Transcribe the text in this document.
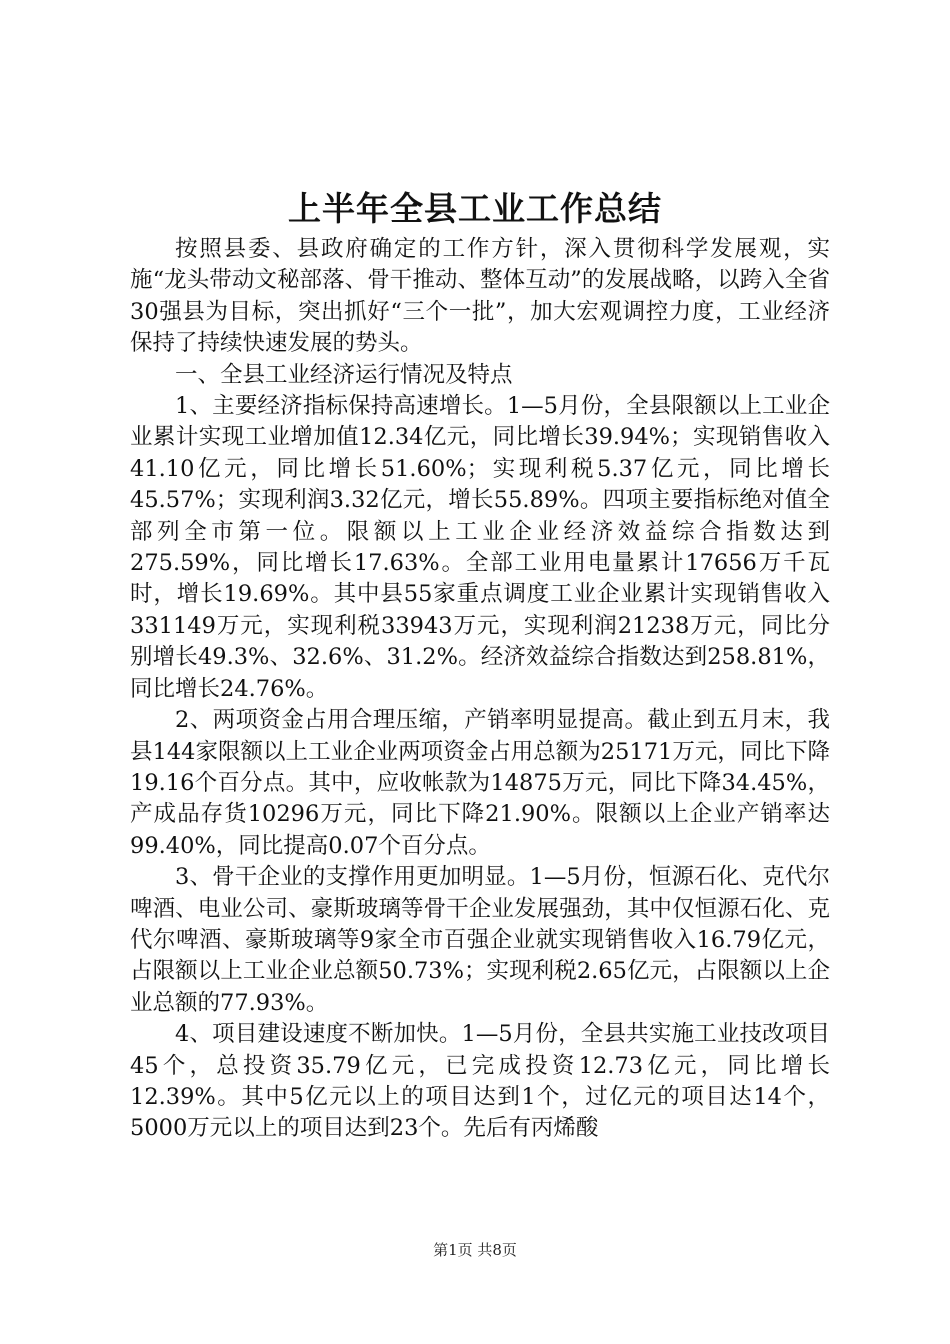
上半年全县工业工作总结

按照县委、县政府确定的工作方针，深入贯彻科学发展观，实施“龙头带动文秘部落、骨干推动、整体互动”的发展战略，以跨入全省30强县为目标，突出抓好“三个一批”，加大宏观调控力度，工业经济保持了持续快速发展的势头。

一、全县工业经济运行情况及特点

1、主要经济指标保持高速增长。1—5月份，全县限额以上工业企业累计实现工业增加值12.34亿元，同比增长39.94%；实现销售收入41.10亿元，同比增长51.60%；实现利税5.37亿元，同比增长45.57%；实现利润3.32亿元，增长55.89%。四项主要指标绝对值全部列全市第一位。限额以上工业企业经济效益综合指数达到275.59%，同比增长17.63%。全部工业用电量累计17656万千瓦时，增长19.69%。其中县55家重点调度工业企业累计实现销售收入331149万元，实现利税33943万元，实现利润21238万元，同比分别增长49.3%、32.6%、31.2%。经济效益综合指数达到258.81%，同比增长24.76%。

2、两项资金占用合理压缩，产销率明显提高。截止到五月末，我县144家限额以上工业企业两项资金占用总额为25171万元，同比下降19.16个百分点。其中，应收帐款为14875万元，同比下降34.45%，产成品存货10296万元，同比下降21.90%。限额以上企业产销率达99.40%，同比提高0.07个百分点。

3、骨干企业的支撑作用更加明显。1—5月份，恒源石化、克代尔啤酒、电业公司、豪斯玻璃等骨干企业发展强劲，其中仅恒源石化、克代尔啤酒、豪斯玻璃等9家全市百强企业就实现销售收入16.79亿元，占限额以上工业企业总额50.73%；实现利税2.65亿元，占限额以上企业总额的77.93%。

4、项目建设速度不断加快。1—5月份，全县共实施工业技改项目45个，总投资35.79亿元，已完成投资12.73亿元，同比增长12.39%。其中5亿元以上的项目达到1个，过亿元的项目达14个，5000万元以上的项目达到23个。先后有丙烯酸

第1页 共8页
